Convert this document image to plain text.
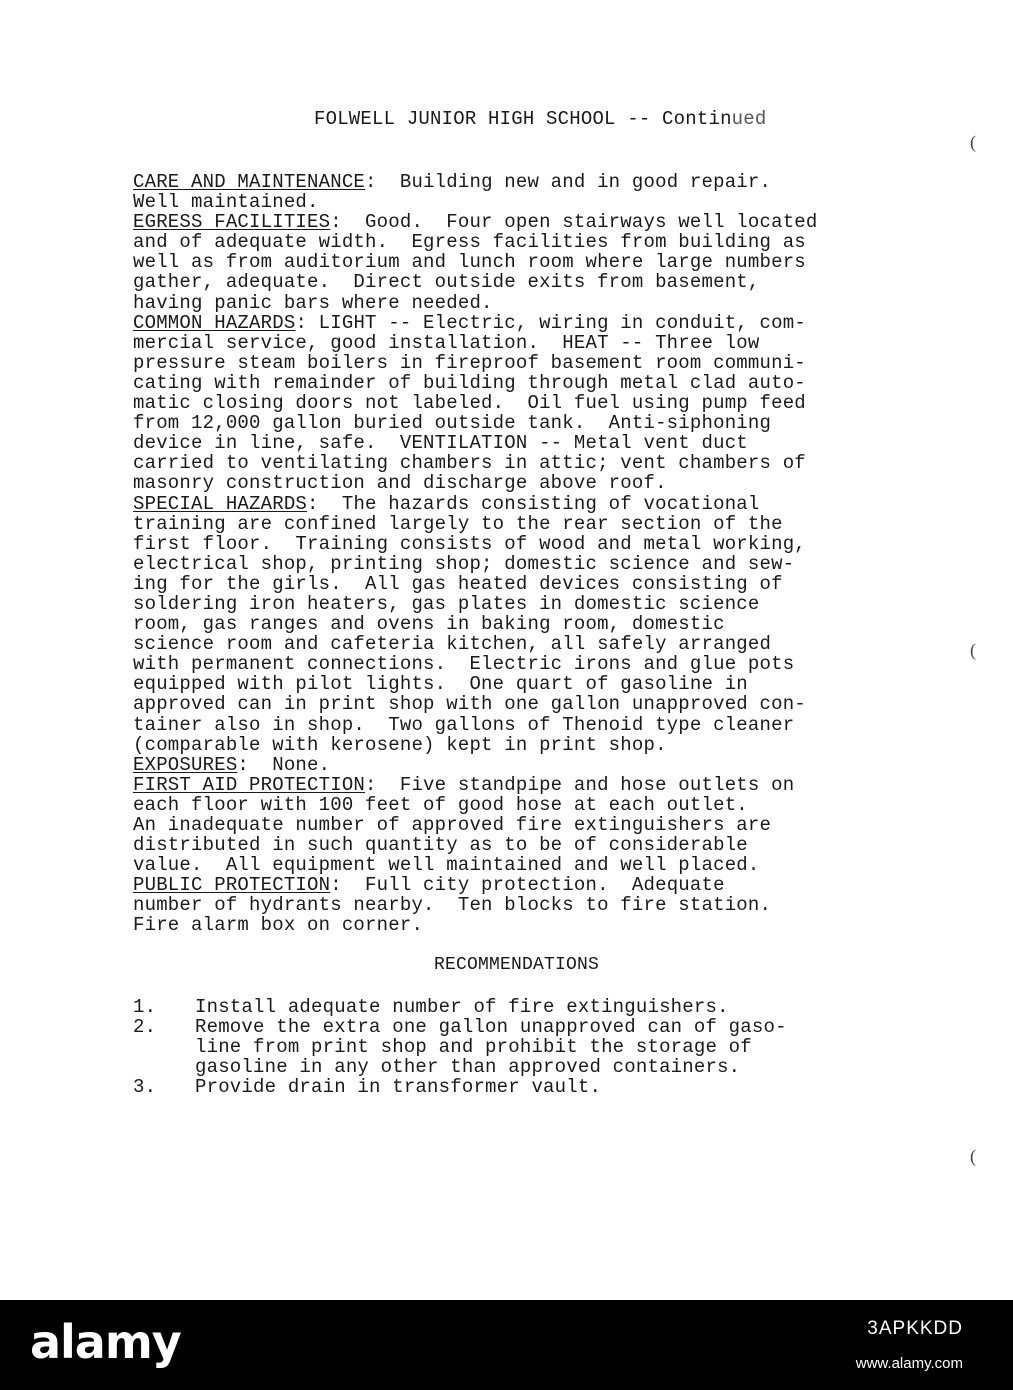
FOLWELL JUNIOR HIGH SCHOOL -- Continued
(
(
(
CARE AND MAINTENANCE:  Building new and in good repair.
Well maintained.
EGRESS FACILITIES:  Good.  Four open stairways well located
and of adequate width.  Egress facilities from building as
well as from auditorium and lunch room where large numbers
gather, adequate.  Direct outside exits from basement,
having panic bars where needed.
COMMON HAZARDS: LIGHT -- Electric, wiring in conduit, com-
mercial service, good installation.  HEAT -- Three low
pressure steam boilers in fireproof basement room communi-
cating with remainder of building through metal clad auto-
matic closing doors not labeled.  Oil fuel using pump feed
from 12,000 gallon buried outside tank.  Anti-siphoning
device in line, safe.  VENTILATION -- Metal vent duct
carried to ventilating chambers in attic; vent chambers of
masonry construction and discharge above roof.
SPECIAL HAZARDS:  The hazards consisting of vocational
training are confined largely to the rear section of the
first floor.  Training consists of wood and metal working,
electrical shop, printing shop; domestic science and sew-
ing for the girls.  All gas heated devices consisting of
soldering iron heaters, gas plates in domestic science
room, gas ranges and ovens in baking room, domestic
science room and cafeteria kitchen, all safely arranged
with permanent connections.  Electric irons and glue pots
equipped with pilot lights.  One quart of gasoline in
approved can in print shop with one gallon unapproved con-
tainer also in shop.  Two gallons of Thenoid type cleaner
(comparable with kerosene) kept in print shop.
EXPOSURES:  None.
FIRST AID PROTECTION:  Five standpipe and hose outlets on
each floor with 100 feet of good hose at each outlet.
An inadequate number of approved fire extinguishers are
distributed in such quantity as to be of considerable
value.  All equipment well maintained and well placed.
PUBLIC PROTECTION:  Full city protection.  Adequate
number of hydrants nearby.  Ten blocks to fire station.
Fire alarm box on corner.
RECOMMENDATIONS
1.	Install adequate number of fire extinguishers.
2.	Remove the extra one gallon unapproved can of gaso-
line from print shop and prohibit the storage of
gasoline in any other than approved containers.
3.	Provide drain in transformer vault.
alamy	3APKKDD
www.alamy.com
